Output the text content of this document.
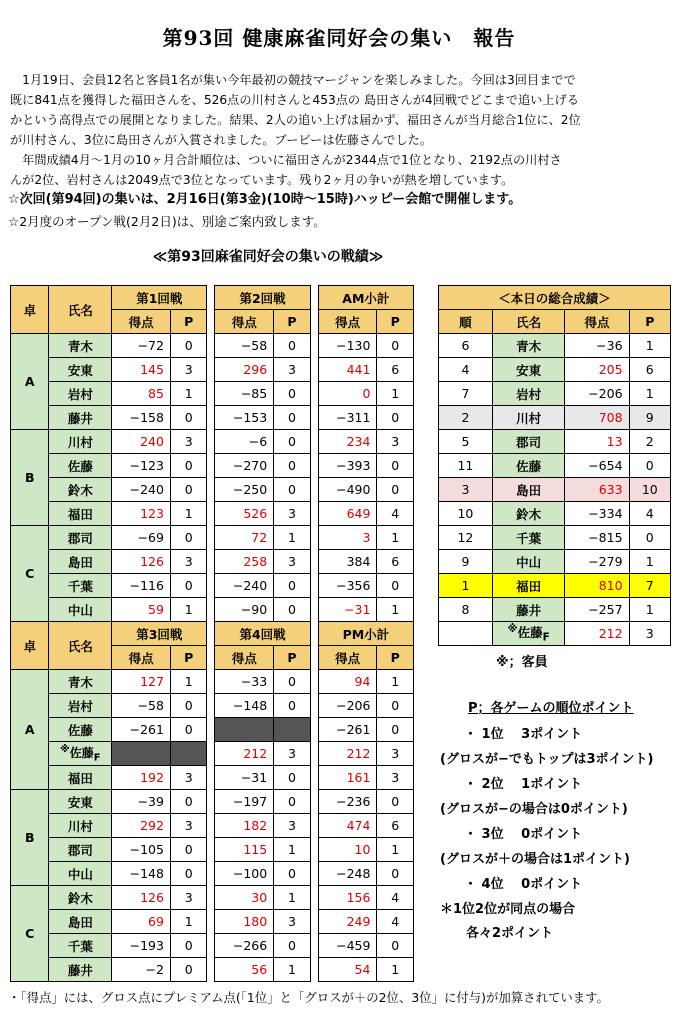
第93回 健康麻雀同好会の集い　報告

　1月19日、会員12名と客員1名が集い今年最初の競技マージャンを楽しみました。今回は3回目までで

既に841点を獲得した福田さんを、526点の川村さんと453点の 島田さんが4回戦でどこまで追い上げる

かという高得点での展開となりました。結果、2人の追い上げは届かず、福田さんが当月総合1位に、2位

が川村さん、3位に島田さんが入賞されました。ブービーは佐藤さんでした。

　年間成績4月～1月の10ヶ月合計順位は、ついに福田さんが2344点で1位となり、2192点の川村さ

んが2位、岩村さんは2049点で3位となっています。残り2ヶ月の争いが熱を増しています。

☆次回(第94回)の集いは、2月16日(第3金)(10時～15時)ハッピー会館で開催します。
☆2月度のオープン戦(2月2日)は、別途ご案内致します。
≪第93回麻雀同好会の集いの戦績≫
卓	氏名	第1回戦			第2回戦			AM小計	
		得点	P		得点	P		得点	P
A	青木	−72	0		−58	0		−130	0
	安東	145	3		296	3		441	6
	岩村	85	1		−85	0		0	1
	藤井	−158	0		−153	0		−311	0
B	川村	240	3		−6	0		234	3
	佐藤	−123	0		−270	0		−393	0
	鈴木	−240	0		−250	0		−490	0
	福田	123	1		526	3		649	4
C	郡司	−69	0		72	1		3	1
	島田	126	3		258	3		384	6
	千葉	−116	0		−240	0		−356	0
	中山	59	1		−90	0		−31	1
卓	氏名	第3回戦			第4回戦			PM小計	
		得点	P		得点	P		得点	P
A	青木	127	1		−33	0		94	1
	岩村	−58	0		−148	0		−206	0
	佐藤	−261	0					−261	0
	※佐藤$_F$				212	3		212	3
	福田	192	3		−31	0		161	3
B	安東	−39	0		−197	0		−236	0
	川村	292	3		182	3		474	6
	郡司	−105	0		115	1		10	1
	中山	−148	0		−100	0		−248	0
C	鈴木	126	3		30	1		156	4
	島田	69	1		180	3		249	4
	千葉	−193	0		−266	0		−459	0
	藤井	−2	0		56	1		54	1
＜本日の総合成績＞			
順	氏名	得点	P
6	青木	−36	1
4	安東	205	6
7	岩村	−206	1
2	川村	708	9
5	郡司	13	2
11	佐藤	−654	0
3	島田	633	10
10	鈴木	−334	4
12	千葉	−815	0
9	中山	−279	1
1	福田	810	7
8	藤井	−257	1
	※佐藤$_F$	212	3
※；客員
P；各ゲームの順位ポイント
・ 1位　 3ポイント
(グロスが−でもトップは3ポイント)
・ 2位　 1ポイント
(グロスが−の場合は0ポイント)
・ 3位　 0ポイント
(グロスが＋の場合は1ポイント)
・ 4位　 0ポイント
＊1位2位が同点の場合
各々2ポイント
・「得点」には、グロス点にプレミアム点(「1位」と「グロスが＋の2位、3位」に付与)が加算されています。
